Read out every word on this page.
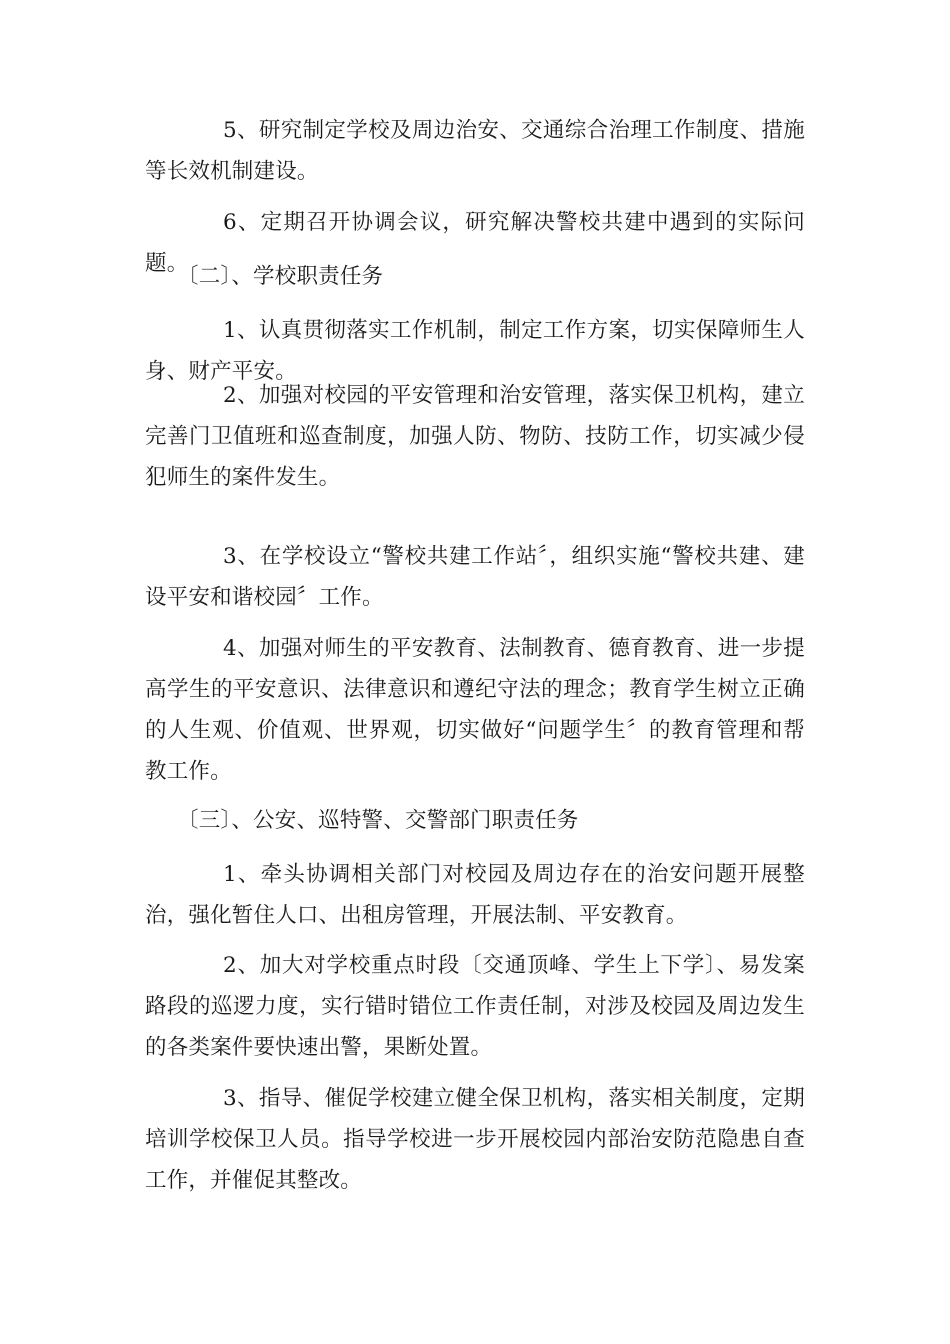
5、研究制定学校及周边治安、交通综合治理工作制度、措施等长效机制建设。

6、定期召开协调会议，研究解决警校共建中遇到的实际问题。

〔二〕、学校职责任务

1、认真贯彻落实工作机制，制定工作方案，切实保障师生人身、财产平安。

2、加强对校园的平安管理和治安管理，落实保卫机构，建立完善门卫值班和巡查制度，加强人防、物防、技防工作，切实减少侵犯师生的案件发生。

3、在学校设立“警校共建工作站〞，组织实施“警校共建、建设平安和谐校园〞工作。

4、加强对师生的平安教育、法制教育、德育教育、进一步提高学生的平安意识、法律意识和遵纪守法的理念；教育学生树立正确的人生观、价值观、世界观，切实做好“问题学生〞的教育管理和帮教工作。

〔三〕、公安、巡特警、交警部门职责任务

1、牵头协调相关部门对校园及周边存在的治安问题开展整治，强化暂住人口、出租房管理，开展法制、平安教育。

2、加大对学校重点时段〔交通顶峰、学生上下学〕、易发案路段的巡逻力度，实行错时错位工作责任制，对涉及校园及周边发生的各类案件要快速出警，果断处置。

3、指导、催促学校建立健全保卫机构，落实相关制度，定期培训学校保卫人员。指导学校进一步开展校园内部治安防范隐患自查工作，并催促其整改。
